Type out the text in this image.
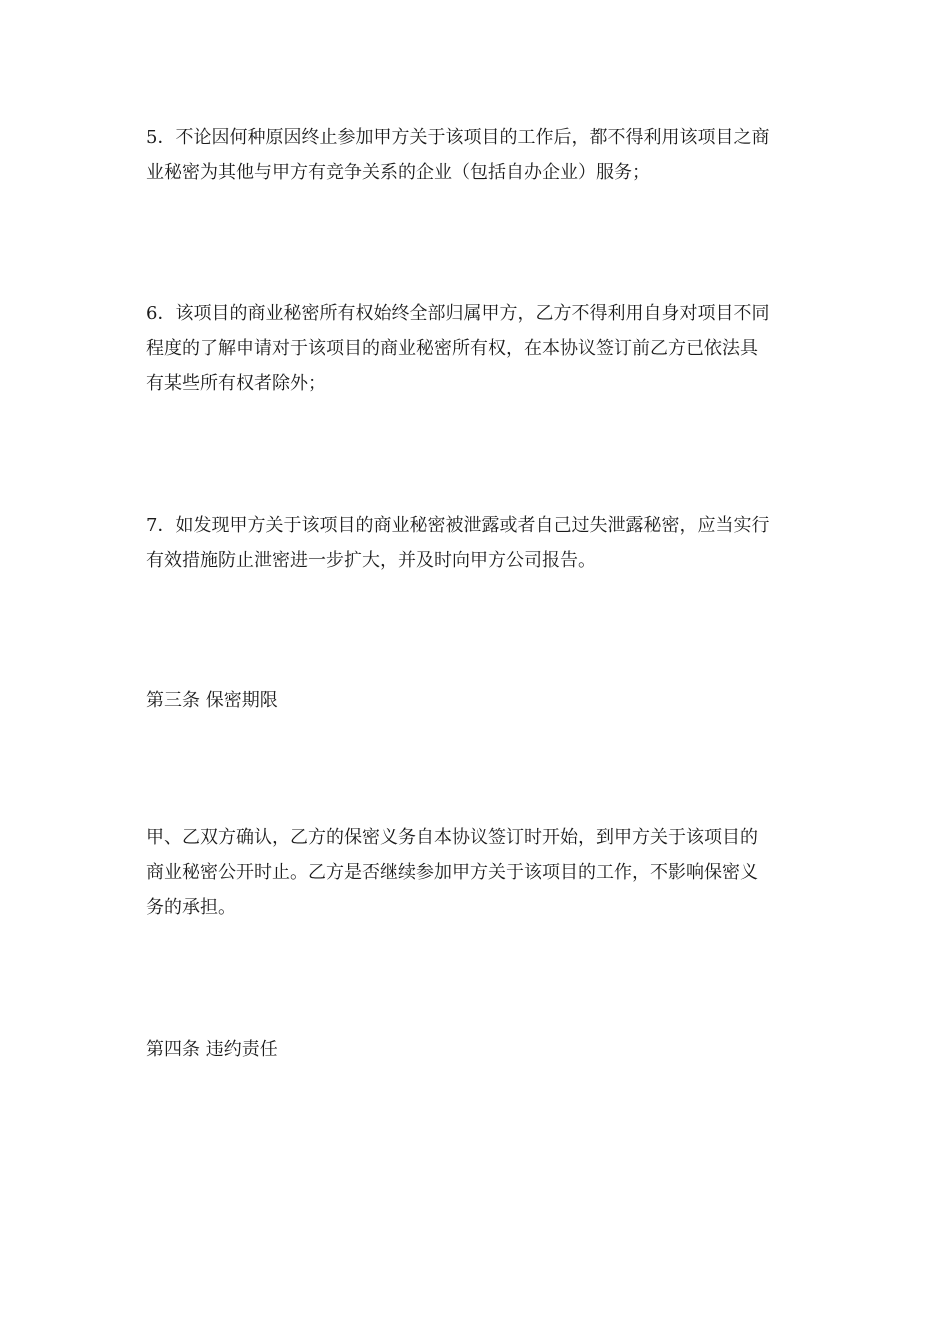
5．不论因何种原因终止参加甲方关于该项目的工作后，都不得利用该项目之商
业秘密为其他与甲方有竞争关系的企业（包括自办企业）服务；

6．该项目的商业秘密所有权始终全部归属甲方，乙方不得利用自身对项目不同
程度的了解申请对于该项目的商业秘密所有权，在本协议签订前乙方已依法具
有某些所有权者除外；

7．如发现甲方关于该项目的商业秘密被泄露或者自己过失泄露秘密，应当实行
有效措施防止泄密进一步扩大，并及时向甲方公司报告。

第三条 保密期限

甲、乙双方确认，乙方的保密义务自本协议签订时开始，到甲方关于该项目的
商业秘密公开时止。乙方是否继续参加甲方关于该项目的工作，不影响保密义
务的承担。

第四条 违约责任
